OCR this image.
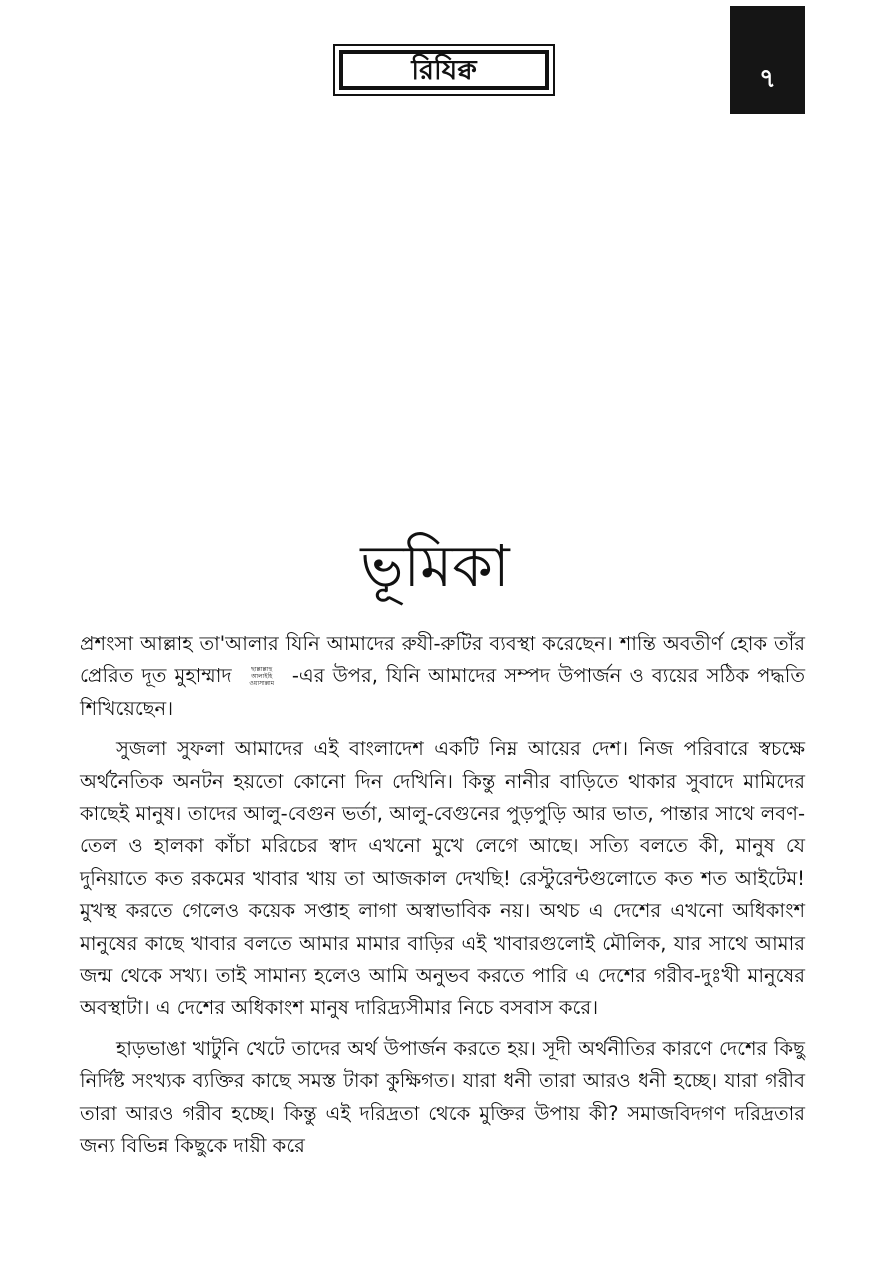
রিযিক্ব	৭
ভূমিকা

প্রশংসা আল্লাহ তা'আলার যিনি আমাদের রুযী-রুটির ব্যবস্থা করেছেন। শান্তি অবতীর্ণ হোক তাঁর প্রেরিত দূত মুহাম্মাদ	ছাল্লাল্লাহু আলাইহি ওয়াসাল্লাম -এর উপর, যিনি আমাদের সম্পদ উপার্জন ও ব্যয়ের সঠিক পদ্ধতি শিখিয়েছেন।

সুজলা সুফলা আমাদের এই বাংলাদেশ একটি নিম্ন আয়ের দেশ। নিজ পরিবারে স্বচক্ষে অর্থনৈতিক অনটন হয়তো কোনো দিন দেখিনি। কিন্তু নানীর বাড়িতে থাকার সুবাদে মামিদের কাছেই মানুষ। তাদের আলু-বেগুন ভর্তা, আলু-বেগুনের পুড়পুড়ি আর ভাত, পান্তার সাথে লবণ-তেল ও হালকা কাঁচা মরিচের স্বাদ এখনো মুখে লেগে আছে। সত্যি বলতে কী, মানুষ যে দুনিয়াতে কত রকমের খাবার খায় তা আজকাল দেখছি! রেস্টুরেন্টগুলোতে কত শত আইটেম! মুখস্থ করতে গেলেও কয়েক সপ্তাহ লাগা অস্বাভাবিক নয়। অথচ এ দেশের এখনো অধিকাংশ মানুষের কাছে খাবার বলতে আমার মামার বাড়ির এই খাবারগুলোই মৌলিক, যার সাথে আমার জন্ম থেকে সখ্য। তাই সামান্য হলেও আমি অনুভব করতে পারি এ দেশের গরীব-দুঃখী মানুষের অবস্থাটা। এ দেশের অধিকাংশ মানুষ দারিদ্র্যসীমার নিচে বসবাস করে।

হাড়ভাঙা খাটুনি খেটে তাদের অর্থ উপার্জন করতে হয়। সূদী অর্থনীতির কারণে দেশের কিছু নির্দিষ্ট সংখ্যক ব্যক্তির কাছে সমস্ত টাকা কুক্ষিগত। যারা ধনী তারা আরও ধনী হচ্ছে। যারা গরীব তারা আরও গরীব হচ্ছে। কিন্তু এই দরিদ্রতা থেকে মুক্তির উপায় কী? সমাজবিদগণ দরিদ্রতার জন্য বিভিন্ন কিছুকে দায়ী করে
